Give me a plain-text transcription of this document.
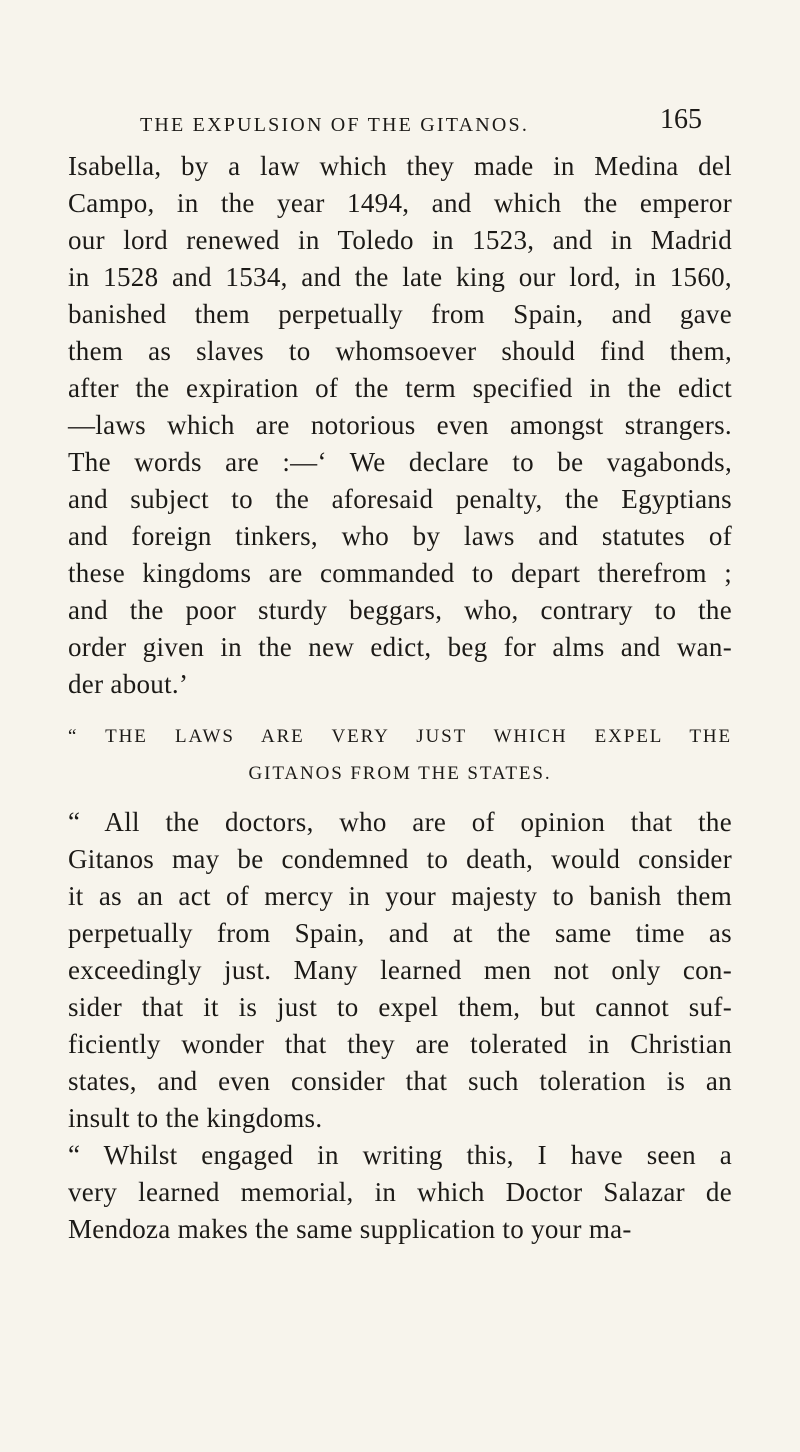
THE EXPULSION OF THE GITANOS.	165
Isabella, by a law which they made in Medina del
Campo, in the year 1494, and which the emperor
our lord renewed in Toledo in 1523, and in Madrid
in 1528 and 1534, and the late king our lord, in 1560,
banished them perpetually from Spain, and gave
them as slaves to whomsoever should find them,
after the expiration of the term specified in the edict
—laws which are notorious even amongst strangers.
The words are :—‘ We declare to be vagabonds,
and subject to the aforesaid penalty, the Egyptians
and foreign tinkers, who by laws and statutes of
these kingdoms are commanded to depart therefrom ;
and the poor sturdy beggars, who, contrary to the
order given in the new edict, beg for alms and wan-
der about.’
“ THE LAWS ARE VERY JUST WHICH EXPEL THE
GITANOS FROM THE STATES.
“ All the doctors, who are of opinion that the
Gitanos may be condemned to death, would consider
it as an act of mercy in your majesty to banish them
perpetually from Spain, and at the same time as
exceedingly just. Many learned men not only con-
sider that it is just to expel them, but cannot suf-
ficiently wonder that they are tolerated in Christian
states, and even consider that such toleration is an
insult to the kingdoms.
“ Whilst engaged in writing this, I have seen a
very learned memorial, in which Doctor Salazar de
Mendoza makes the same supplication to your ma-
